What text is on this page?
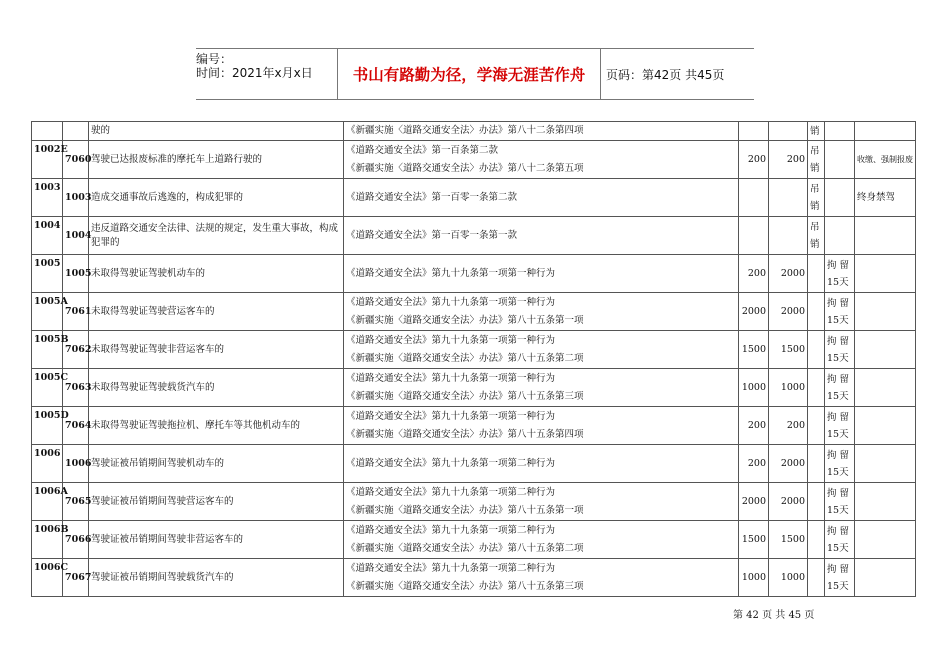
编号：
时间：2021年x月x日	书山有路勤为径，学海无涯苦作舟	页码：第42页 共45页
		驶的	《新疆实施〈道路交通安全法〉办法》第八十二条第四项			销		
1002E	7060	驾驶已达报废标准的摩托车上道路行驶的	《道路交通安全法》第一百条第二款
《新疆实施〈道路交通安全法〉办法》第八十二条第五项	200	200	吊销		收缴、强制报废
1003	1003	造成交通事故后逃逸的，构成犯罪的	《道路交通安全法》第一百零一条第二款			吊销		终身禁驾
1004	1004	违反道路交通安全法律、法规的规定，发生重大事故，构成犯罪的	《道路交通安全法》第一百零一条第一款			吊销		
1005	1005	未取得驾驶证驾驶机动车的	《道路交通安全法》第九十九条第一项第一种行为	200	2000		拘 留15天	
1005A	7061	未取得驾驶证驾驶营运客车的	《道路交通安全法》第九十九条第一项第一种行为
《新疆实施〈道路交通安全法〉办法》第八十五条第一项	2000	2000		拘 留15天	
1005B	7062	未取得驾驶证驾驶非营运客车的	《道路交通安全法》第九十九条第一项第一种行为
《新疆实施〈道路交通安全法〉办法》第八十五条第二项	1500	1500		拘 留15天	
1005C	7063	未取得驾驶证驾驶载货汽车的	《道路交通安全法》第九十九条第一项第一种行为
《新疆实施〈道路交通安全法〉办法》第八十五条第三项	1000	1000		拘 留15天	
1005D	7064	未取得驾驶证驾驶拖拉机、摩托车等其他机动车的	《道路交通安全法》第九十九条第一项第一种行为
《新疆实施〈道路交通安全法〉办法》第八十五条第四项	200	200		拘 留15天	
1006	1006	驾驶证被吊销期间驾驶机动车的	《道路交通安全法》第九十九条第一项第二种行为	200	2000		拘 留15天	
1006A	7065	驾驶证被吊销期间驾驶营运客车的	《道路交通安全法》第九十九条第一项第二种行为
《新疆实施〈道路交通安全法〉办法》第八十五条第一项	2000	2000		拘 留15天	
1006B	7066	驾驶证被吊销期间驾驶非营运客车的	《道路交通安全法》第九十九条第一项第二种行为
《新疆实施〈道路交通安全法〉办法》第八十五条第二项	1500	1500		拘 留15天	
1006C	7067	驾驶证被吊销期间驾驶载货汽车的	《道路交通安全法》第九十九条第一项第二种行为
《新疆实施〈道路交通安全法〉办法》第八十五条第三项	1000	1000		拘 留15天	
第 42 页 共 45 页
